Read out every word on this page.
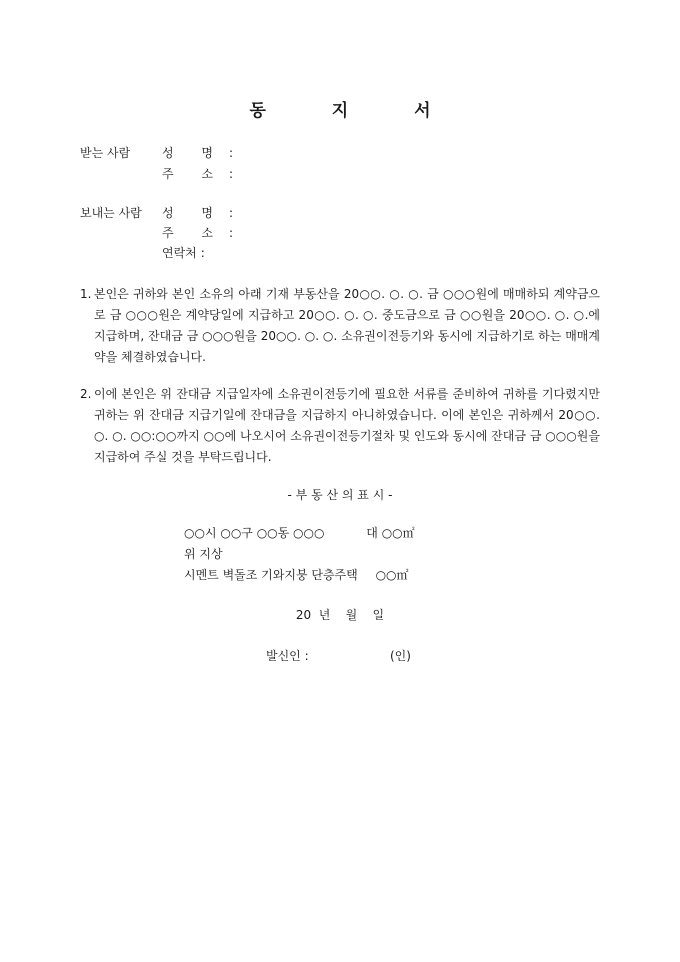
동 지 서
받는 사람	성 명 :
주 소 :
보내는 사람 성 명 :
주 소 :
연락처 :
1. 본인은 귀하와 본인 소유의 아래 기재 부동산을 20○○. ○. ○. 금 ○○○원에 매매하되 계약금으로 금 ○○○원은 계약당일에 지급하고 20○○. ○. ○. 중도금으로 금 ○○원을 20○○. ○. ○.에 지급하며, 잔대금 금 ○○○원을 20○○. ○. ○. 소유권이전등기와 동시에 지급하기로 하는 매매계약을 체결하였습니다.
2. 이에 본인은 위 잔대금 지급일자에 소유권이전등기에 필요한 서류를 준비하여 귀하를 기다렸지만 귀하는 위 잔대금 지급기일에 잔대금을 지급하지 아니하였습니다. 이에 본인은 귀하께서 20○○. ○. ○. ○○:○○까지 ○○에 나오시어 소유권이전등기절차 및 인도와 동시에 잔대금 금 ○○○원을 지급하여 주실 것을 부탁드립니다.
- 부 동 산 의 표 시 -
○○시 ○○구 ○○동 ○○○	대 ○○㎡
위 지상
시멘트 벽돌조 기와지붕 단층주택 ○○㎡
20  년    월    일
발신인 :	(인)
